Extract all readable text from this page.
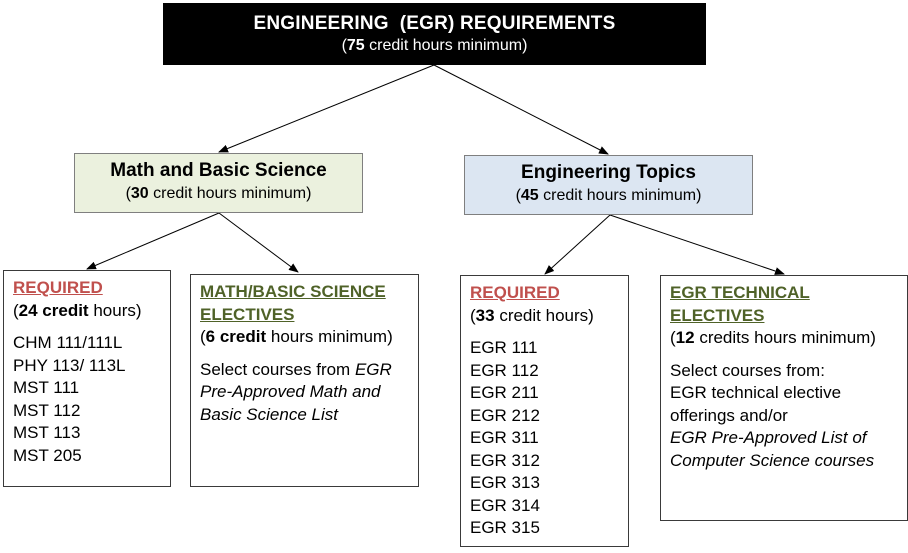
ENGINEERING  (EGR) REQUIREMENTS
(75 credit hours minimum)
Math and Basic Science
(30 credit hours minimum)
Engineering Topics
(45 credit hours minimum)
REQUIRED
(24 credit hours)
CHM 111/111L
PHY 113/ 113L
MST 111
MST 112
MST 113
MST 205
MATH/BASIC SCIENCE
ELECTIVES
(6 credit hours minimum)
Select courses from EGR
Pre-Approved Math and
Basic Science List
REQUIRED
(33 credit hours)
EGR 111
EGR 112
EGR 211
EGR 212
EGR 311
EGR 312
EGR 313
EGR 314
EGR 315
EGR TECHNICAL
ELECTIVES
(12 credits hours minimum)
Select courses from:
EGR technical elective
offerings and/or
EGR Pre-Approved List of
Computer Science courses
